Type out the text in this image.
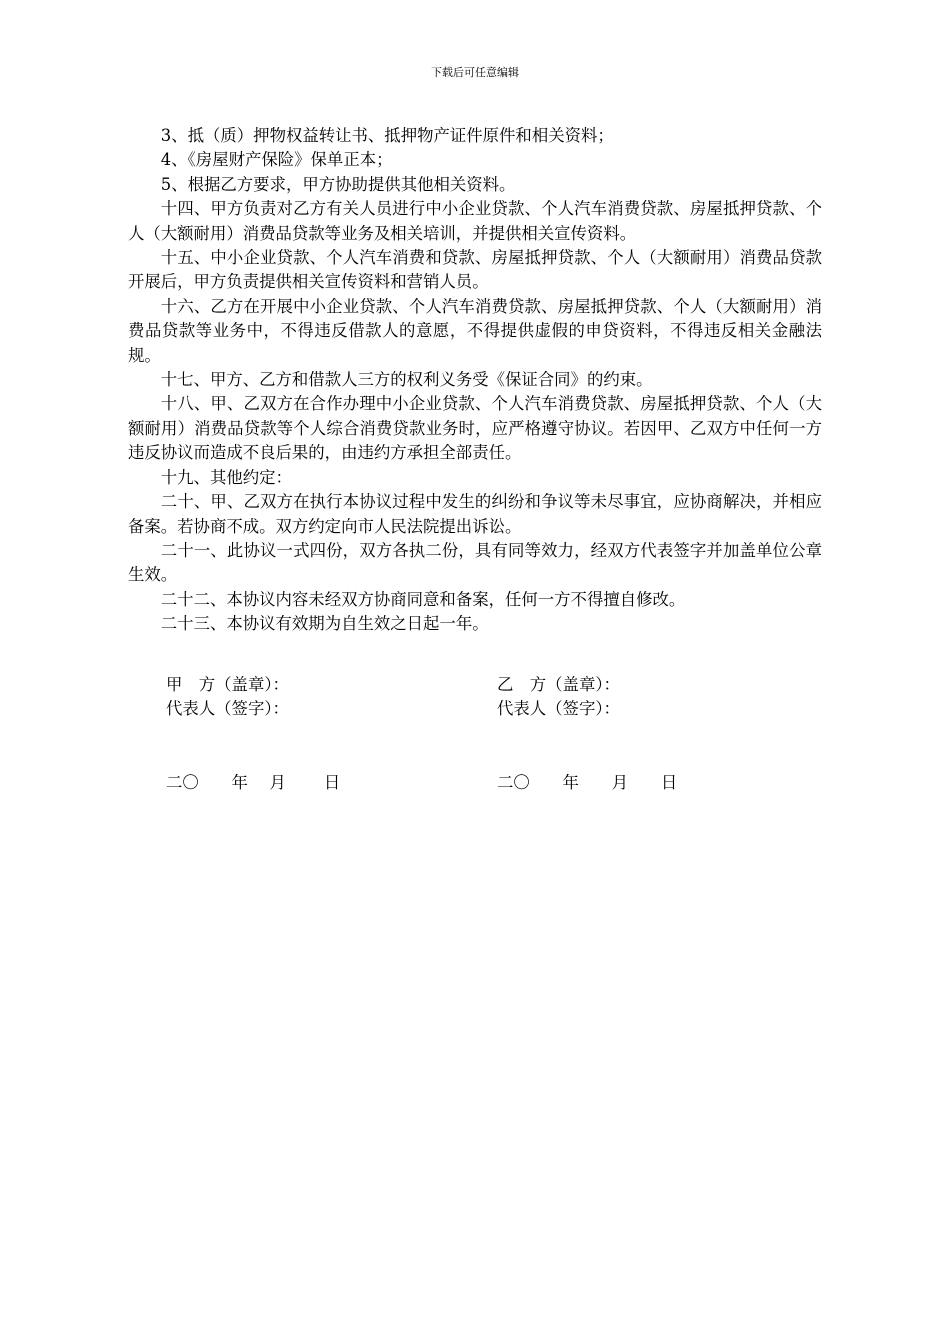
下载后可任意编辑

3、抵（质）押物权益转让书、抵押物产证件原件和相关资料；

4、《房屋财产保险》保单正本；

5、根据乙方要求，甲方协助提供其他相关资料。

十四、甲方负责对乙方有关人员进行中小企业贷款、个人汽车消费贷款、房屋抵押贷款、个人（大额耐用）消费品贷款等业务及相关培训，并提供相关宣传资料。

十五、中小企业贷款、个人汽车消费和贷款、房屋抵押贷款、个人（大额耐用）消费品贷款开展后，甲方负责提供相关宣传资料和营销人员。

十六、乙方在开展中小企业贷款、个人汽车消费贷款、房屋抵押贷款、个人（大额耐用）消费品贷款等业务中，不得违反借款人的意愿，不得提供虚假的申贷资料，不得违反相关金融法规。

十七、甲方、乙方和借款人三方的权利义务受《保证合同》的约束。

十八、甲、乙双方在合作办理中小企业贷款、个人汽车消费贷款、房屋抵押贷款、个人（大额耐用）消费品贷款等个人综合消费贷款业务时，应严格遵守协议。若因甲、乙双方中任何一方违反协议而造成不良后果的，由违约方承担全部责任。

十九、其他约定：

二十、甲、乙双方在执行本协议过程中发生的纠纷和争议等未尽事宜，应协商解决，并相应备案。若协商不成。双方约定向市人民法院提出诉讼。

二十一、此协议一式四份，双方各执二份，具有同等效力，经双方代表签字并加盖单位公章生效。

二十二、本协议内容未经双方协商同意和备案，任何一方不得擅自修改。

二十三、本协议有效期为自生效之日起一年。

甲　方（盖章）：	乙　方（盖章）：
代表人（签字）：	代表人（签字）：
二〇　　年　 月　 　日	二〇　　年　　月　　日
